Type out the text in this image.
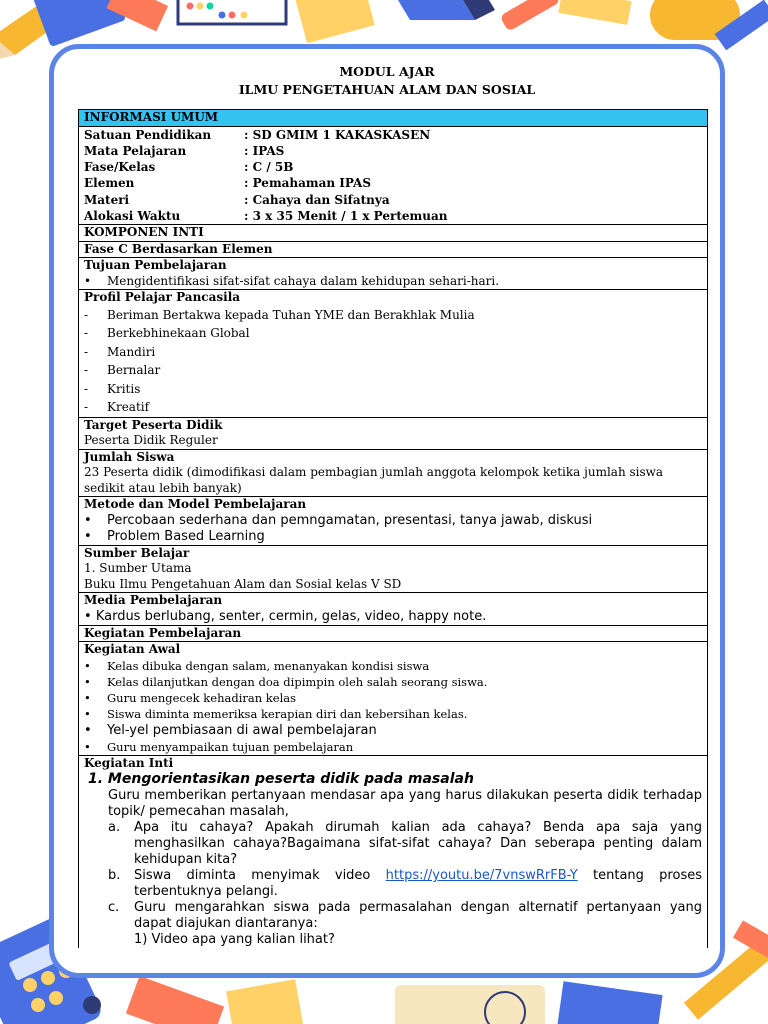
MODUL AJAR
ILMU PENGETAHUAN ALAM DAN SOSIAL
INFORMASI UMUM
Satuan Pendidikan	: SD GMIM 1 KAKASKASEN
Mata Pelajaran	: IPAS
Fase/Kelas	: C / 5B
Elemen	: Pemahaman IPAS
Materi	: Cahaya dan Sifatnya
Alokasi Waktu	: 3 x 35 Menit / 1 x Pertemuan
KOMPONEN INTI
Fase C Berdasarkan Elemen
Tujuan Pembelajaran
•	Mengidentifikasi sifat-sifat cahaya dalam kehidupan sehari-hari.
Profil Pelajar Pancasila
-	Beriman Bertakwa kepada Tuhan YME dan Berakhlak Mulia
-	Berkebhinekaan Global
-	Mandiri
-	Bernalar
-	Kritis
-	Kreatif
Target Peserta Didik
Peserta Didik Reguler
Jumlah Siswa
23 Peserta didik (dimodifikasi dalam pembagian jumlah anggota kelompok ketika jumlah siswa sedikit atau lebih banyak)
Metode dan Model Pembelajaran
•	Percobaan sederhana dan pemngamatan, presentasi, tanya jawab, diskusi
•	Problem Based Learning
Sumber Belajar
1. Sumber Utama
Buku Ilmu Pengetahuan Alam dan Sosial kelas V SD
Media Pembelajaran
• Kardus berlubang, senter, cermin, gelas, video, happy note.
Kegiatan Pembelajaran
Kegiatan Awal
•	Kelas dibuka dengan salam, menanyakan kondisi siswa
•	Kelas dilanjutkan dengan doa dipimpin oleh salah seorang siswa.
•	Guru mengecek kehadiran kelas
•	Siswa diminta memeriksa kerapian diri dan kebersihan kelas.
•	Yel-yel pembiasaan di awal pembelajaran
•	Guru menyampaikan tujuan pembelajaran
Kegiatan Inti
1. Mengorientasikan peserta didik pada masalah
Guru memberikan pertanyaan mendasar apa yang harus dilakukan peserta didik terhadap topik/ pemecahan masalah,
a.	Apa itu cahaya? Apakah dirumah kalian ada cahaya? Benda apa saja yang menghasilkan cahaya?Bagaimana sifat-sifat cahaya? Dan seberapa penting dalam kehidupan kita?
b.	Siswa diminta menyimak video https://youtu.be/7vnswRrFB-Y tentang proses terbentuknya pelangi.
c.	Guru mengarahkan siswa pada permasalahan dengan alternatif pertanyaan yang dapat diajukan diantaranya:
1) Video apa yang kalian lihat?
